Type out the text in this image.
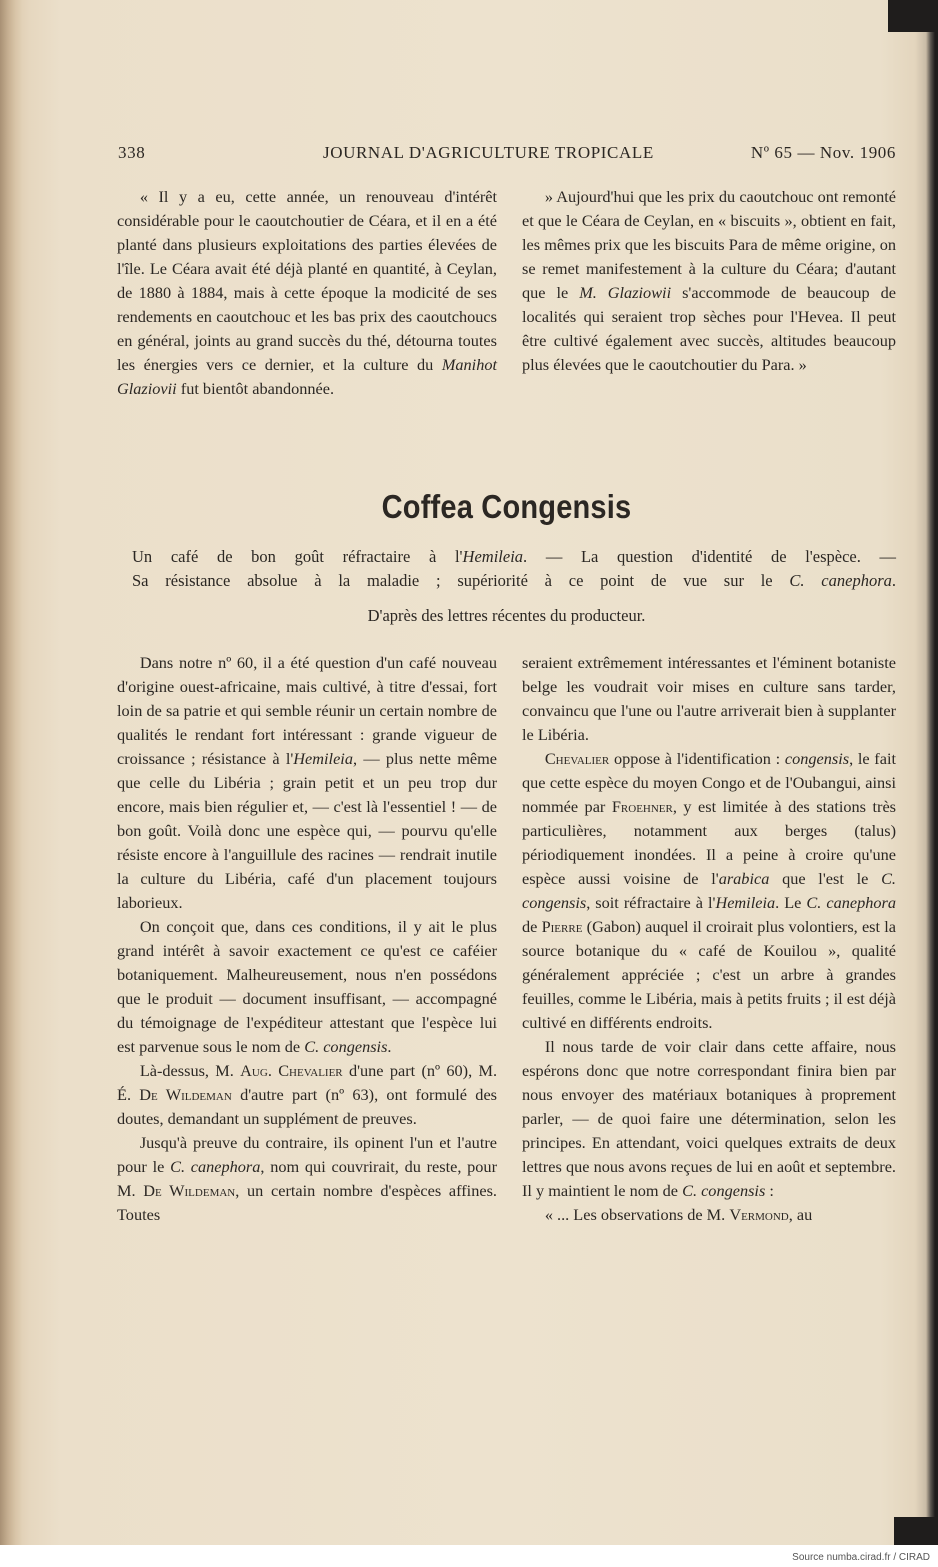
338	JOURNAL D'AGRICULTURE TROPICALE	Nº 65 — Nov. 1906

« Il y a eu, cette année, un renouveau d'intérêt considérable pour le caoutchoutier de Céara, et il en a été planté dans plusieurs exploitations des parties élevées de l'île. Le Céara avait été déjà planté en quantité, à Ceylan, de 1880 à 1884, mais à cette époque la modicité de ses rendements en caoutchouc et les bas prix des caoutchoucs en général, joints au grand succès du thé, détourna toutes les énergies vers ce dernier, et la culture du Manihot Glaziovii fut bientôt abandonnée.

» Aujourd'hui que les prix du caoutchouc ont remonté et que le Céara de Ceylan, en « biscuits », obtient en fait, les mêmes prix que les biscuits Para de même origine, on se remet manifestement à la culture du Céara; d'autant que le M. Glaziowii s'accommode de beaucoup de localités qui seraient trop sèches pour l'Hevea. Il peut être cultivé également avec succès, altitudes beaucoup plus élevées que le caoutchoutier du Para. »

Coffea Congensis
Un café de bon goût réfractaire à l'Hemileia. — La question d'identité de l'espèce. —
Sa résistance absolue à la maladie ; supériorité à ce point de vue sur le C. canephora.
D'après des lettres récentes du producteur.

Dans notre nº 60, il a été question d'un café nouveau d'origine ouest-africaine, mais cultivé, à titre d'essai, fort loin de sa patrie et qui semble réunir un certain nombre de qualités le rendant fort intéressant : grande vigueur de croissance ; résistance à l'Hemileia, — plus nette même que celle du Libéria ; grain petit et un peu trop dur encore, mais bien régulier et, — c'est là l'essentiel ! — de bon goût. Voilà donc une espèce qui, — pourvu qu'elle résiste encore à l'anguillule des racines — rendrait inutile la culture du Libéria, café d'un placement toujours laborieux.

On conçoit que, dans ces conditions, il y ait le plus grand intérêt à savoir exactement ce qu'est ce caféier botaniquement. Malheureusement, nous n'en possédons que le produit — document insuffisant, — accompagné du témoignage de l'expéditeur attestant que l'espèce lui est parvenue sous le nom de C. congensis.

Là-dessus, M. Aug. Chevalier d'une part (nº 60), M. É. De Wildeman d'autre part (nº 63), ont formulé des doutes, demandant un supplément de preuves.

Jusqu'à preuve du contraire, ils opinent l'un et l'autre pour le C. canephora, nom qui couvrirait, du reste, pour M. De Wildeman, un certain nombre d'espèces affines. Toutes

seraient extrêmement intéressantes et l'éminent botaniste belge les voudrait voir mises en culture sans tarder, convaincu que l'une ou l'autre arriverait bien à supplanter le Libéria.

Chevalier oppose à l'identification : congensis, le fait que cette espèce du moyen Congo et de l'Oubangui, ainsi nommée par Froehner, y est limitée à des stations très particulières, notamment aux berges (talus) périodiquement inondées. Il a peine à croire qu'une espèce aussi voisine de l'arabica que l'est le C. congensis, soit réfractaire à l'Hemileia. Le C. canephora de Pierre (Gabon) auquel il croirait plus volontiers, est la source botanique du « café de Kouilou », qualité généralement appréciée ; c'est un arbre à grandes feuilles, comme le Libéria, mais à petits fruits ; il est déjà cultivé en différents endroits.

Il nous tarde de voir clair dans cette affaire, nous espérons donc que notre correspondant finira bien par nous envoyer des matériaux botaniques à proprement parler, — de quoi faire une détermination, selon les principes. En attendant, voici quelques extraits de deux lettres que nous avons reçues de lui en août et septembre. Il y maintient le nom de C. congensis :

« ... Les observations de M. Vermond, au

Source numba.cirad.fr / CIRAD
